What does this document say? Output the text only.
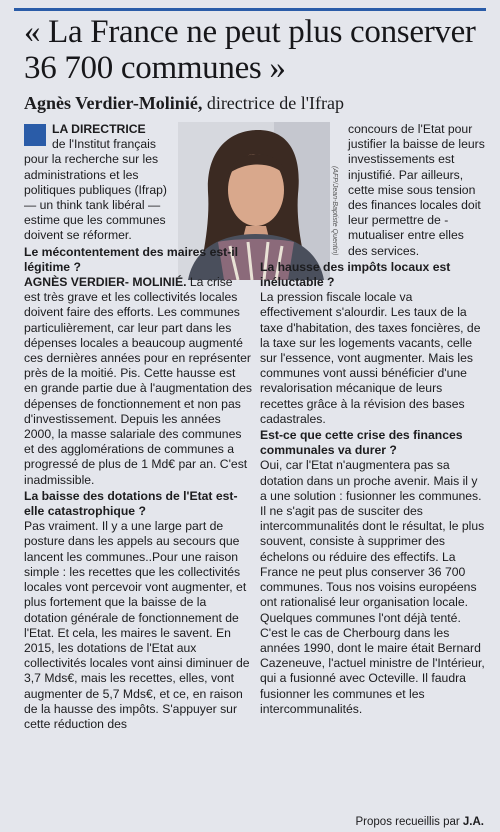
« La France ne peut plus conserver 36 700 communes »

Agnès Verdier-Molinié, directrice de l'Ifrap

(AFP/Jean-Baptiste Quentin)

LA DIRECTRICE

de l'Institut français

pour la recherche sur les administrations et les politiques publiques (Ifrap) — un think tank libéral — estime que les communes doivent se réformer.

Le mécontentement des maires est-il légitime ?

AGNÈS VERDIER- MOLINIÉ. La crise est très grave et les collectivités locales doivent faire des efforts. Les communes particulièrement, car leur part dans les dépenses locales a beaucoup augmenté ces dernières années pour en représenter près de la moitié. Pis. Cette hausse est en grande partie due à l'augmentation des dépenses de fonctionnement et non pas d'investissement. Depuis les années 2000, la masse salariale des communes et des agglomérations de communes a progressé de plus de 1 Md€ par an. C'est inadmissible.

La baisse des dotations de l'Etat est-elle catastrophique ?

Pas vraiment. Il y a une large part de posture dans les appels au secours que lancent les communes..Pour une raison simple : les recettes que les collectivités locales vont percevoir vont augmenter, et plus fortement que la baisse de la dotation générale de fonctionnement de l'Etat. Et cela, les maires le savent. En 2015, les dotations de l'Etat aux collectivités locales vont ainsi diminuer de 3,7 Mds€, mais les recettes, elles, vont augmenter de 5,7 Mds€, et ce, en raison de la hausse des impôts. S'appuyer sur cette réduction des

concours de l'Etat pour justifier la baisse de leurs investissements est injustifié. Par ailleurs, cette mise sous tension des finances locales doit leur permettre de - mutualiser entre elles des services.

La hausse des impôts locaux est inéluctable ?

La pression fiscale locale va effectivement s'alourdir. Les taux de la taxe d'habitation, des taxes foncières, de la taxe sur les logements vacants, celle sur l'essence, vont augmenter. Mais les communes vont aussi bénéficier d'une revalorisation mécanique de leurs recettes grâce à la révision des bases cadastrales.

Est-ce que cette crise des finances communales va durer ?

Oui, car l'Etat n'augmentera pas sa dotation dans un proche avenir. Mais il y a une solution : fusionner les communes. Il ne s'agit pas de susciter des intercommunalités dont le résultat, le plus souvent, consiste à supprimer des échelons ou réduire des effectifs. La France ne peut plus conserver 36 700 communes. Tous nos voisins européens ont rationalisé leur organisation locale. Quelques communes l'ont déjà tenté. C'est le cas de Cherbourg dans les années 1990, dont le maire était Bernard Cazeneuve, l'actuel ministre de l'Intérieur, qui a fusionné avec Octeville. Il faudra fusionner les communes et les intercommunalités.

Propos recueillis par J.A.
